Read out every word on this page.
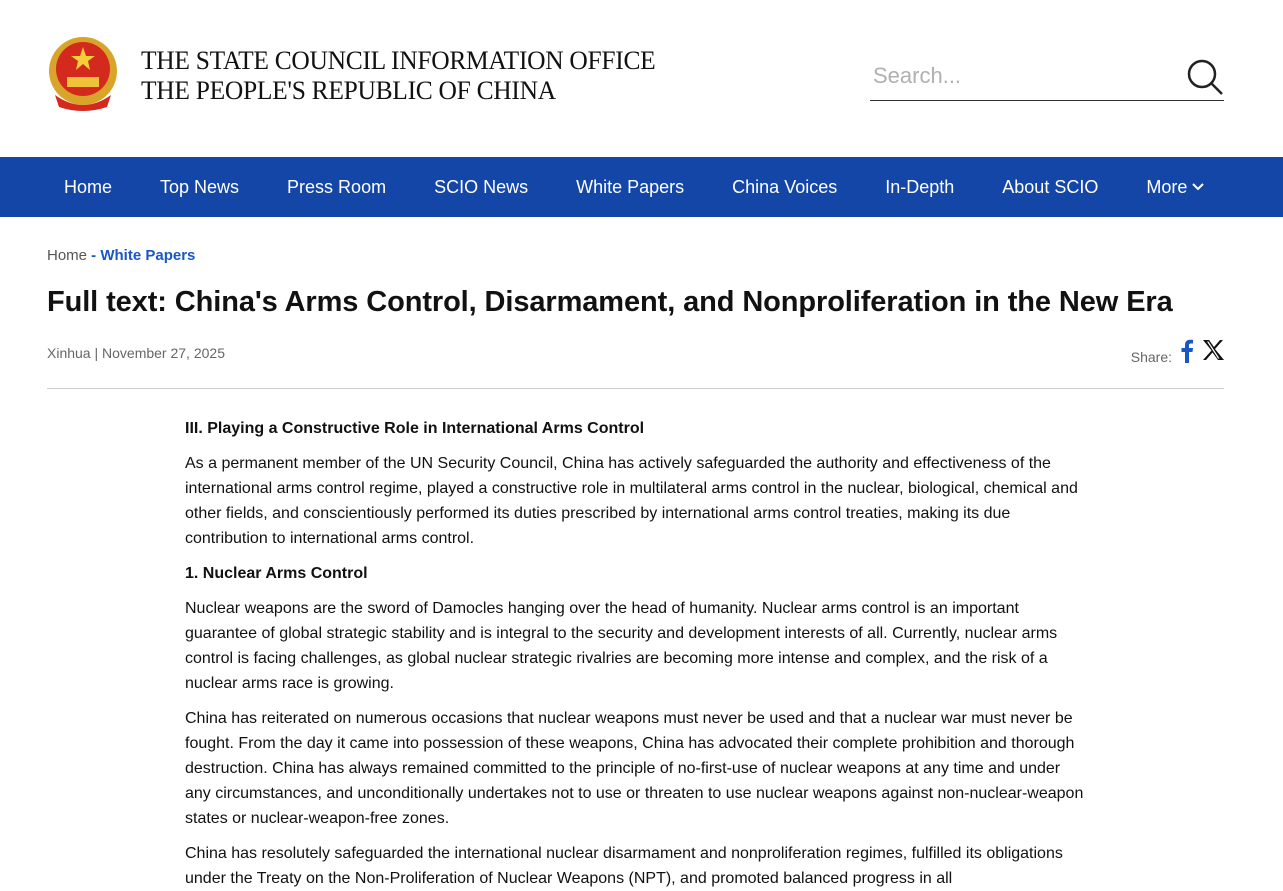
THE STATE COUNCIL INFORMATION OFFICE
THE PEOPLE'S REPUBLIC OF CHINA
Search...
Home	Top News	Press Room	SCIO News	White Papers	China Voices	In-Depth	About SCIO	More
Home - White Papers
Full text: China's Arms Control, Disarmament, and Nonproliferation in the New Era
Xinhua | November 27, 2025	Share:
III. Playing a Constructive Role in International Arms Control

As a permanent member of the UN Security Council, China has actively safeguarded the authority and effectiveness of the international arms control regime, played a constructive role in multilateral arms control in the nuclear, biological, chemical and other fields, and conscientiously performed its duties prescribed by international arms control treaties, making its due contribution to international arms control.

1. Nuclear Arms Control

Nuclear weapons are the sword of Damocles hanging over the head of humanity. Nuclear arms control is an important guarantee of global strategic stability and is integral to the security and development interests of all. Currently, nuclear arms control is facing challenges, as global nuclear strategic rivalries are becoming more intense and complex, and the risk of a nuclear arms race is growing.

China has reiterated on numerous occasions that nuclear weapons must never be used and that a nuclear war must never be fought. From the day it came into possession of these weapons, China has advocated their complete prohibition and thorough destruction. China has always remained committed to the principle of no-first-use of nuclear weapons at any time and under any circumstances, and unconditionally undertakes not to use or threaten to use nuclear weapons against non-nuclear-weapon states or nuclear-weapon-free zones.

China has resolutely safeguarded the international nuclear disarmament and nonproliferation regimes, fulfilled its obligations under the Treaty on the Non-Proliferation of Nuclear Weapons (NPT), and promoted balanced progress in all
